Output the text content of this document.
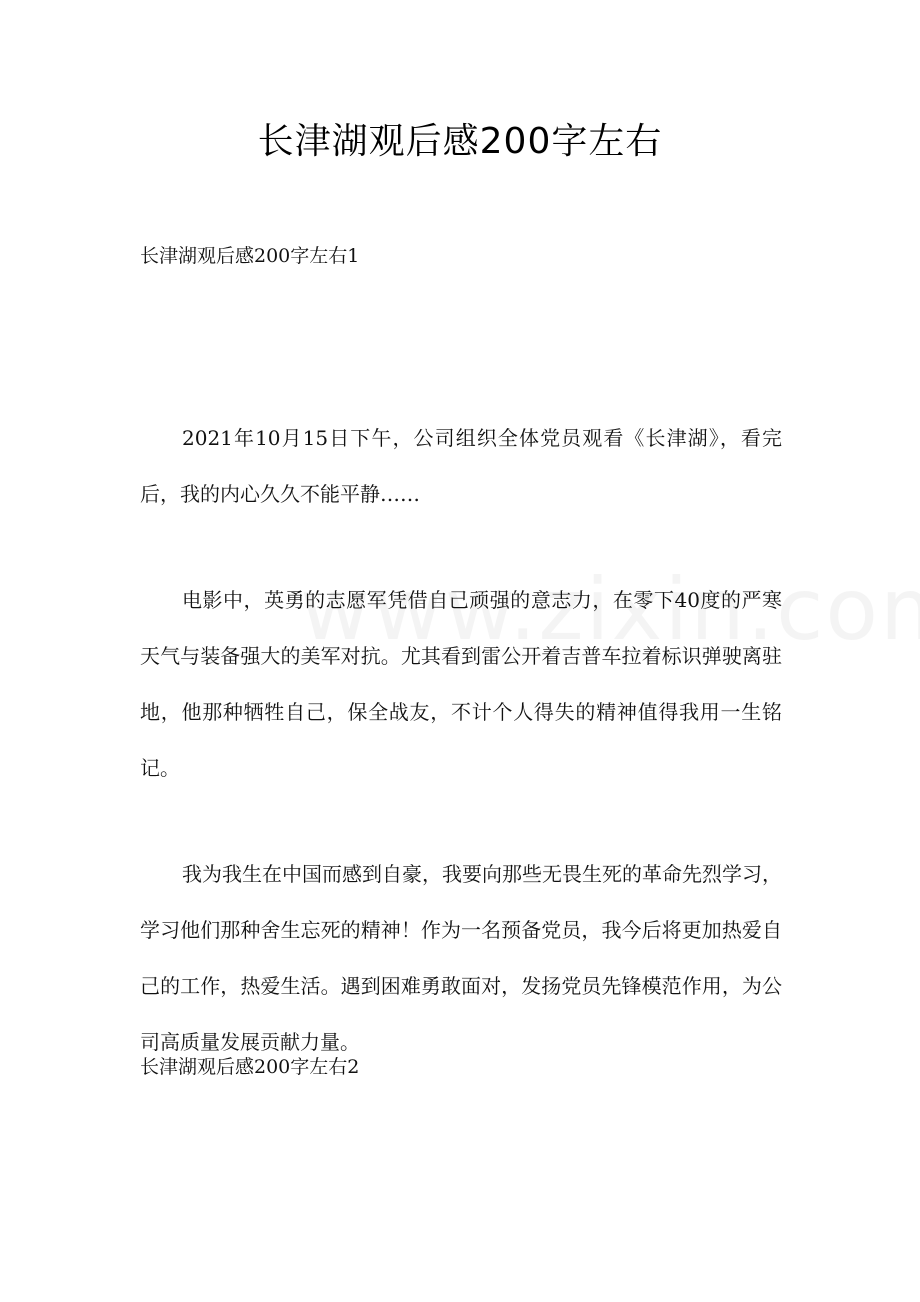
长津湖观后感200字左右
长津湖观后感200字左右1

2021年10月15日下午，公司组织全体党员观看《长津湖》，看完后，我的内心久久不能平静……

电影中，英勇的志愿军凭借自己顽强的意志力，在零下40度的严寒天气与装备强大的美军对抗。尤其看到雷公开着吉普车拉着标识弹驶离驻地，他那种牺牲自己，保全战友，不计个人得失的精神值得我用一生铭记。

我为我生在中国而感到自豪，我要向那些无畏生死的革命先烈学习，学习他们那种舍生忘死的精神！作为一名预备党员，我今后将更加热爱自己的工作，热爱生活。遇到困难勇敢面对，发扬党员先锋模范作用，为公司高质量发展贡献力量。

长津湖观后感200字左右2
